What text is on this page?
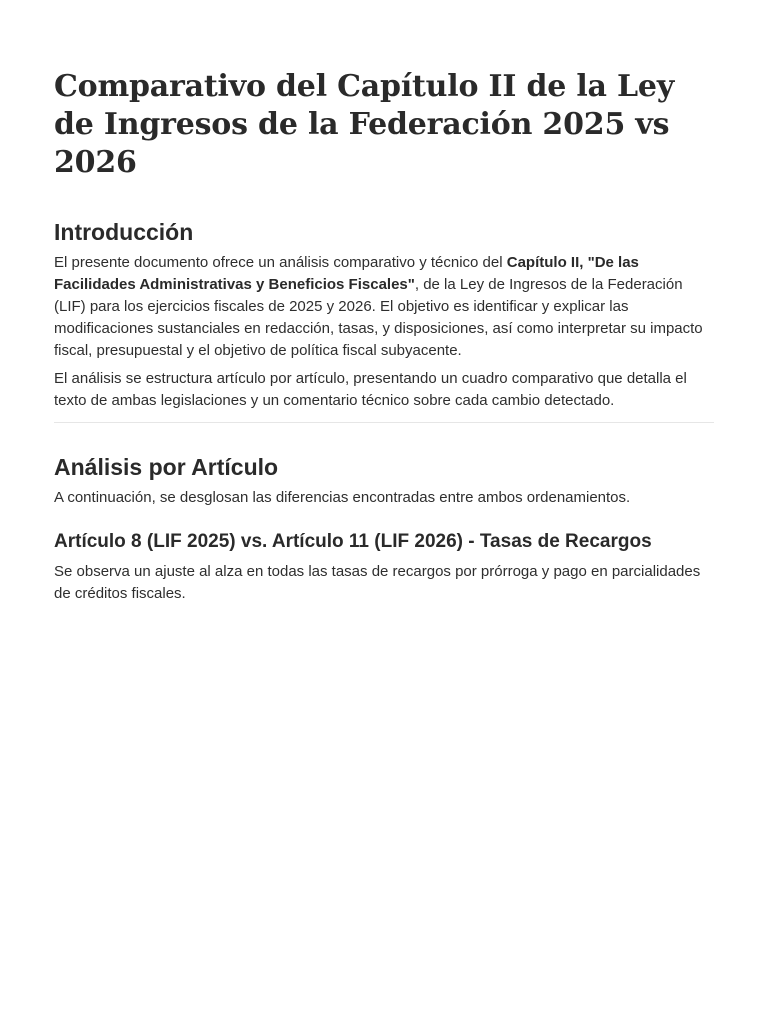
Comparativo del Capítulo II de la Ley de Ingresos de la Federación 2025 vs 2026
Introducción

El presente documento ofrece un análisis comparativo y técnico del Capítulo II, "De las Facilidades Administrativas y Beneficios Fiscales", de la Ley de Ingresos de la Federación (LIF) para los ejercicios fiscales de 2025 y 2026. El objetivo es identificar y explicar las modificaciones sustanciales en redacción, tasas, y disposiciones, así como interpretar su impacto fiscal, presupuestal y el objetivo de política fiscal subyacente.

El análisis se estructura artículo por artículo, presentando un cuadro comparativo que detalla el texto de ambas legislaciones y un comentario técnico sobre cada cambio detectado.

Análisis por Artículo

A continuación, se desglosan las diferencias encontradas entre ambos ordenamientos.

Artículo 8 (LIF 2025) vs. Artículo 11 (LIF 2026) - Tasas de Recargos

Se observa un ajuste al alza en todas las tasas de recargos por prórroga y pago en parcialidades de créditos fiscales.
